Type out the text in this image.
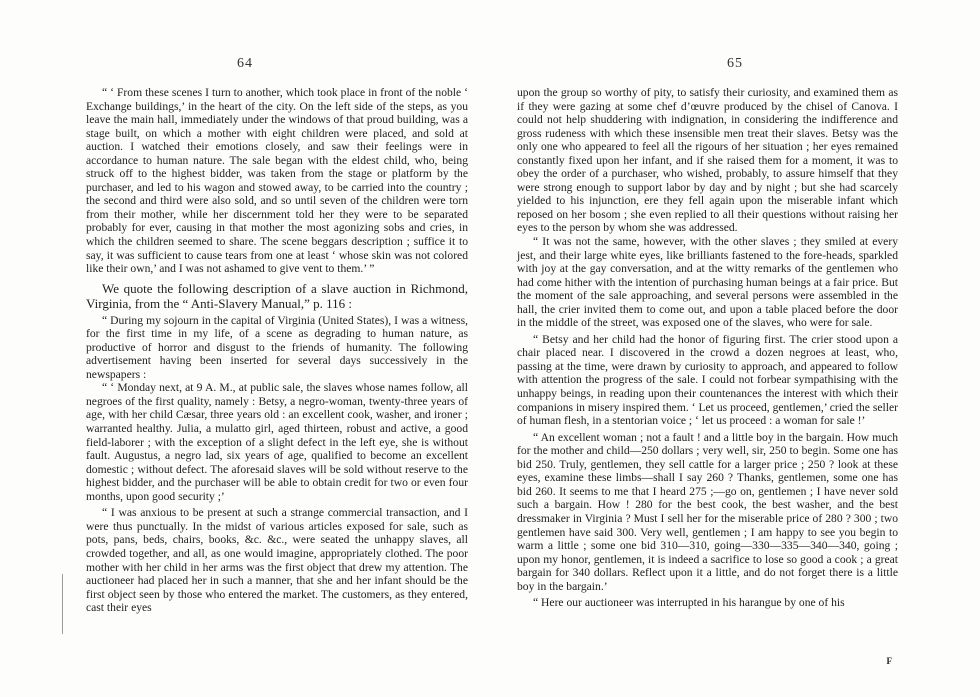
64

“ ‘ From these scenes I turn to another, which took place in front of the noble ‘ Exchange buildings,’ in the heart of the city. On the left side of the steps, as you leave the main hall, immediately under the windows of that proud building, was a stage built, on which a mother with eight children were placed, and sold at auction. I watched their emotions closely, and saw their feelings were in accordance to human nature. The sale began with the eldest child, who, being struck off to the highest bidder, was taken from the stage or platform by the purchaser, and led to his wagon and stowed away, to be carried into the country ; the second and third were also sold, and so until seven of the children were torn from their mother, while her discernment told her they were to be separated probably for ever, causing in that mother the most agonizing sobs and cries, in which the children seemed to share. The scene beggars description ; suffice it to say, it was sufficient to cause tears from one at least ‘ whose skin was not colored like their own,’ and I was not ashamed to give vent to them.’ ”

We quote the following description of a slave auction in Richmond, Virginia, from the “ Anti-Slavery Manual,” p. 116 :

“ During my sojourn in the capital of Virginia (United States), I was a witness, for the first time in my life, of a scene as degrading to human nature, as productive of horror and disgust to the friends of humanity. The following advertisement having been inserted for several days successively in the newspapers :

“ ‘ Monday next, at 9 A. M., at public sale, the slaves whose names follow, all negroes of the first quality, namely : Betsy, a negro-woman, twenty-three years of age, with her child Cæsar, three years old : an excellent cook, washer, and ironer ; warranted healthy. Julia, a mulatto girl, aged thirteen, robust and active, a good field-laborer ; with the exception of a slight defect in the left eye, she is without fault. Augustus, a negro lad, six years of age, qualified to become an excellent domestic ; without defect. The aforesaid slaves will be sold without reserve to the highest bidder, and the purchaser will be able to obtain credit for two or even four months, upon good security ;’

“ I was anxious to be present at such a strange commercial transaction, and I were thus punctually. In the midst of various articles exposed for sale, such as pots, pans, beds, chairs, books, &c. &c., were seated the unhappy slaves, all crowded together, and all, as one would imagine, appropriately clothed. The poor mother with her child in her arms was the first object that drew my attention. The auctioneer had placed her in such a manner, that she and her infant should be the first object seen by those who entered the market. The customers, as they entered, cast their eyes

65

upon the group so worthy of pity, to satisfy their curiosity, and examined them as if they were gazing at some chef d’œuvre produced by the chisel of Canova. I could not help shuddering with indignation, in considering the indifference and gross rudeness with which these insensible men treat their slaves. Betsy was the only one who appeared to feel all the rigours of her situation ; her eyes remained constantly fixed upon her infant, and if she raised them for a moment, it was to obey the order of a purchaser, who wished, probably, to assure himself that they were strong enough to support labor by day and by night ; but she had scarcely yielded to his injunction, ere they fell again upon the miserable infant which reposed on her bosom ; she even replied to all their questions without raising her eyes to the person by whom she was addressed.

“ It was not the same, however, with the other slaves ; they smiled at every jest, and their large white eyes, like brilliants fastened to the fore-heads, sparkled with joy at the gay conversation, and at the witty remarks of the gentlemen who had come hither with the intention of purchasing human beings at a fair price. But the moment of the sale approaching, and several persons were assembled in the hall, the crier invited them to come out, and upon a table placed before the door in the middle of the street, was exposed one of the slaves, who were for sale.

“ Betsy and her child had the honor of figuring first. The crier stood upon a chair placed near. I discovered in the crowd a dozen negroes at least, who, passing at the time, were drawn by curiosity to approach, and appeared to follow with attention the progress of the sale. I could not forbear sympathising with the unhappy beings, in reading upon their countenances the interest with which their companions in misery inspired them. ‘ Let us proceed, gentlemen,’ cried the seller of human flesh, in a stentorian voice ; ‘ let us proceed : a woman for sale !’

“ An excellent woman ; not a fault ! and a little boy in the bargain. How much for the mother and child—250 dollars ; very well, sir, 250 to begin. Some one has bid 250. Truly, gentlemen, they sell cattle for a larger price ; 250 ? look at these eyes, examine these limbs—shall I say 260 ? Thanks, gentlemen, some one has bid 260. It seems to me that I heard 275 ;—go on, gentlemen ; I have never sold such a bargain. How ! 280 for the best cook, the best washer, and the best dressmaker in Virginia ? Must I sell her for the miserable price of 280 ? 300 ; two gentlemen have said 300. Very well, gentlemen ; I am happy to see you begin to warm a little ; some one bid 310—310, going—330—335—340—340, going ; upon my honor, gentlemen, it is indeed a sacrifice to lose so good a cook ; a great bargain for 340 dollars. Reflect upon it a little, and do not forget there is a little boy in the bargain.’

“ Here our auctioneer was interrupted in his harangue by one of his

F
